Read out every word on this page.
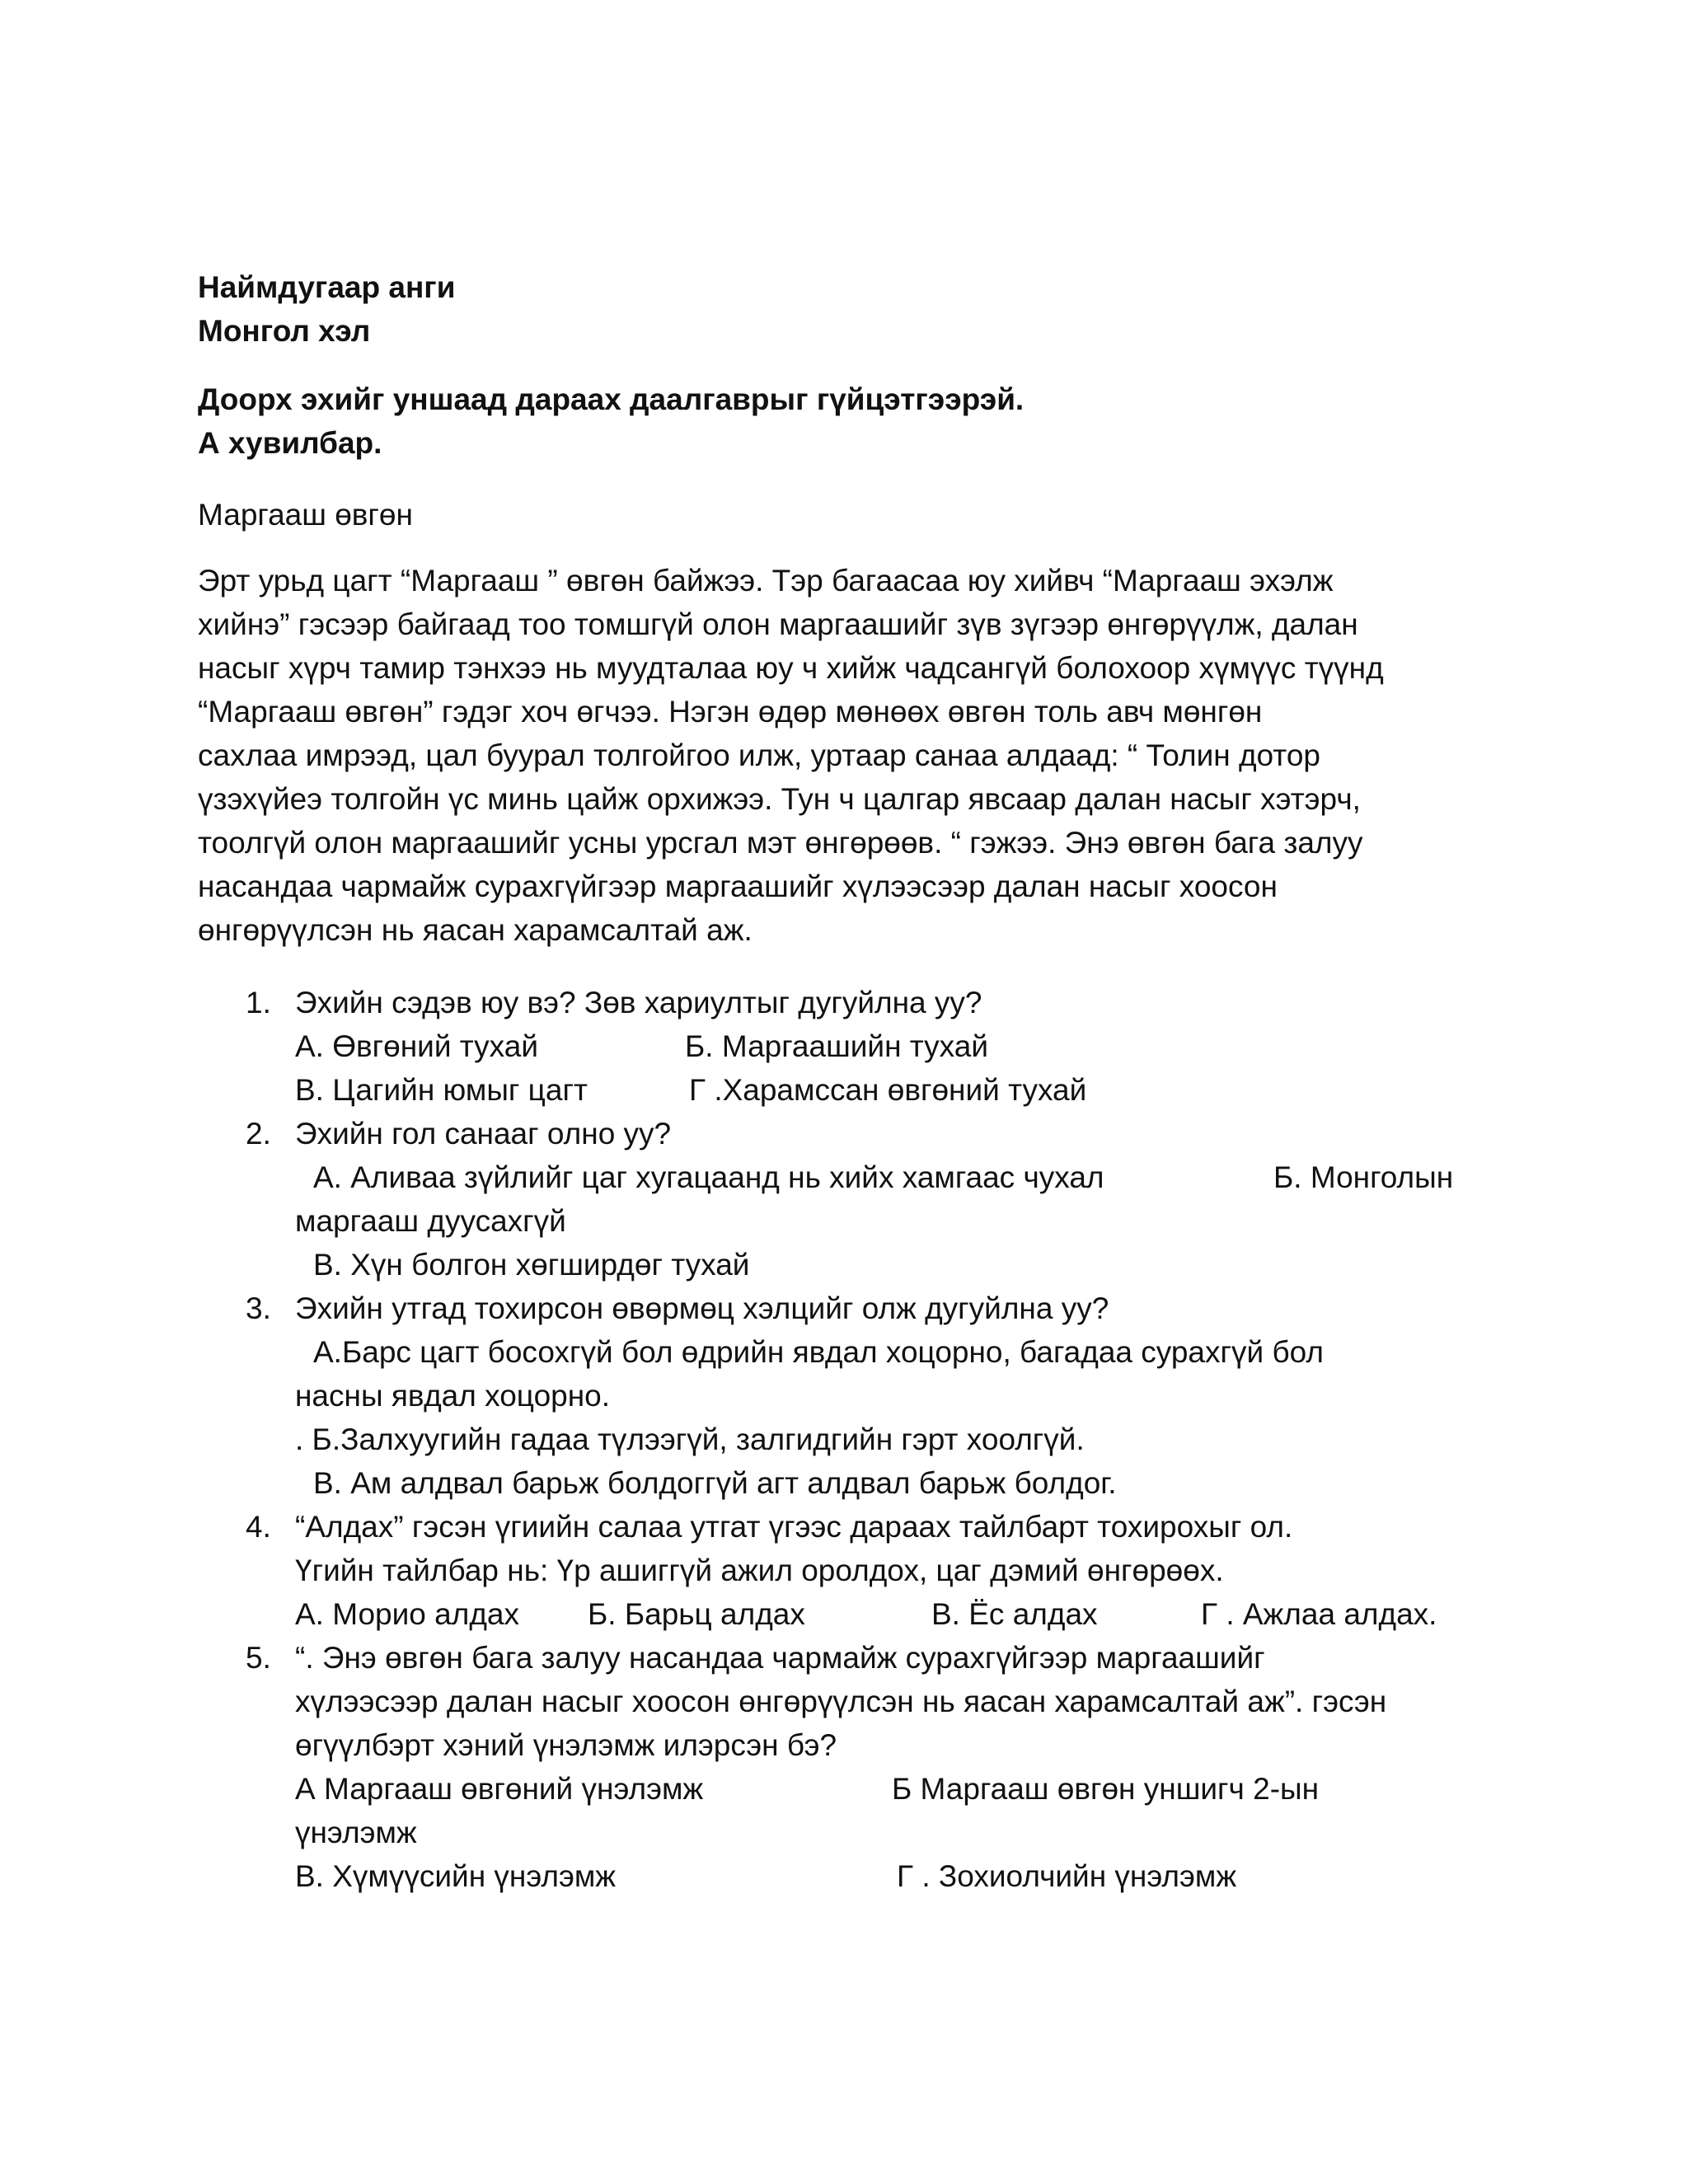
Наймдугаар анги
Монгол хэл
Доорх эхийг уншаад дараах даалгаврыг гүйцэтгээрэй.
А хувилбар.
Маргааш өвгөн
Эрт урьд цагт “Маргааш ” өвгөн байжээ. Тэр багаасаа юу хийвч “Маргааш эхэлж
хийнэ” гэсээр байгаад тоо томшгүй олон маргаашийг зүв зүгээр өнгөрүүлж, далан
насыг хүрч тамир тэнхээ нь муудталаа юу ч хийж чадсангүй болохоор хүмүүс түүнд
“Маргааш өвгөн” гэдэг хоч өгчээ. Нэгэн өдөр мөнөөх өвгөн толь авч мөнгөн
сахлаа имрээд, цал буурал толгойгоо илж, уртаар санаа алдаад: “ Толин дотор
үзэхүйеэ толгойн үс минь цайж орхижээ. Тун ч цалгар явсаар далан насыг хэтэрч,
тоолгүй олон маргаашийг усны урсгал мэт өнгөрөөв. “ гэжээ. Энэ өвгөн бага залуу
насандаа чармайж сурахгүйгээр маргаашийг хүлээсээр далан насыг хоосон
өнгөрүүлсэн нь яасан харамсалтай аж.
1. Эхийн сэдэв юу вэ? Зөв хариултыг дугуйлна уу?
А. Өвгөний тухай	Б. Маргаашийн тухай
В. Цагийн юмыг цагт	Г .Харамссан өвгөний тухай
2. Эхийн гол санааг олно уу?
А. Аливаа зүйлийг цаг хугацаанд нь хийх хамгаас чухал	Б. Монголын
маргааш дуусахгүй
В. Хүн болгон хөгширдөг тухай
3. Эхийн утгад тохирсон өвөрмөц хэлцийг олж дугуйлна уу?
А.Барс цагт босохгүй бол өдрийн явдал хоцорно, багадаа сурахгүй бол
насны явдал хоцорно.
. Б.Залхуугийн гадаа түлээгүй, залгидгийн гэрт хоолгүй.
В. Ам алдвал барьж болдоггүй агт алдвал барьж болдог.
4. “Алдах” гэсэн үгиийн салаа утгат үгээс дараах тайлбарт тохирохыг ол.
Үгийн тайлбар нь: Үр ашиггүй ажил оролдох, цаг дэмий өнгөрөөх.
А. Морио алдах Б. Барьц алдах	В. Ёс алдах	Г . Ажлаа алдах.
5. “. Энэ өвгөн бага залуу насандаа чармайж сурахгүйгээр маргаашийг
хүлээсээр далан насыг хоосон өнгөрүүлсэн нь яасан харамсалтай аж”. гэсэн
өгүүлбэрт хэний үнэлэмж илэрсэн бэ?
А Маргааш өвгөний үнэлэмж	Б Маргааш өвгөн уншигч 2-ын
үнэлэмж
В. Хүмүүсийн үнэлэмж	Г . Зохиолчийн үнэлэмж
